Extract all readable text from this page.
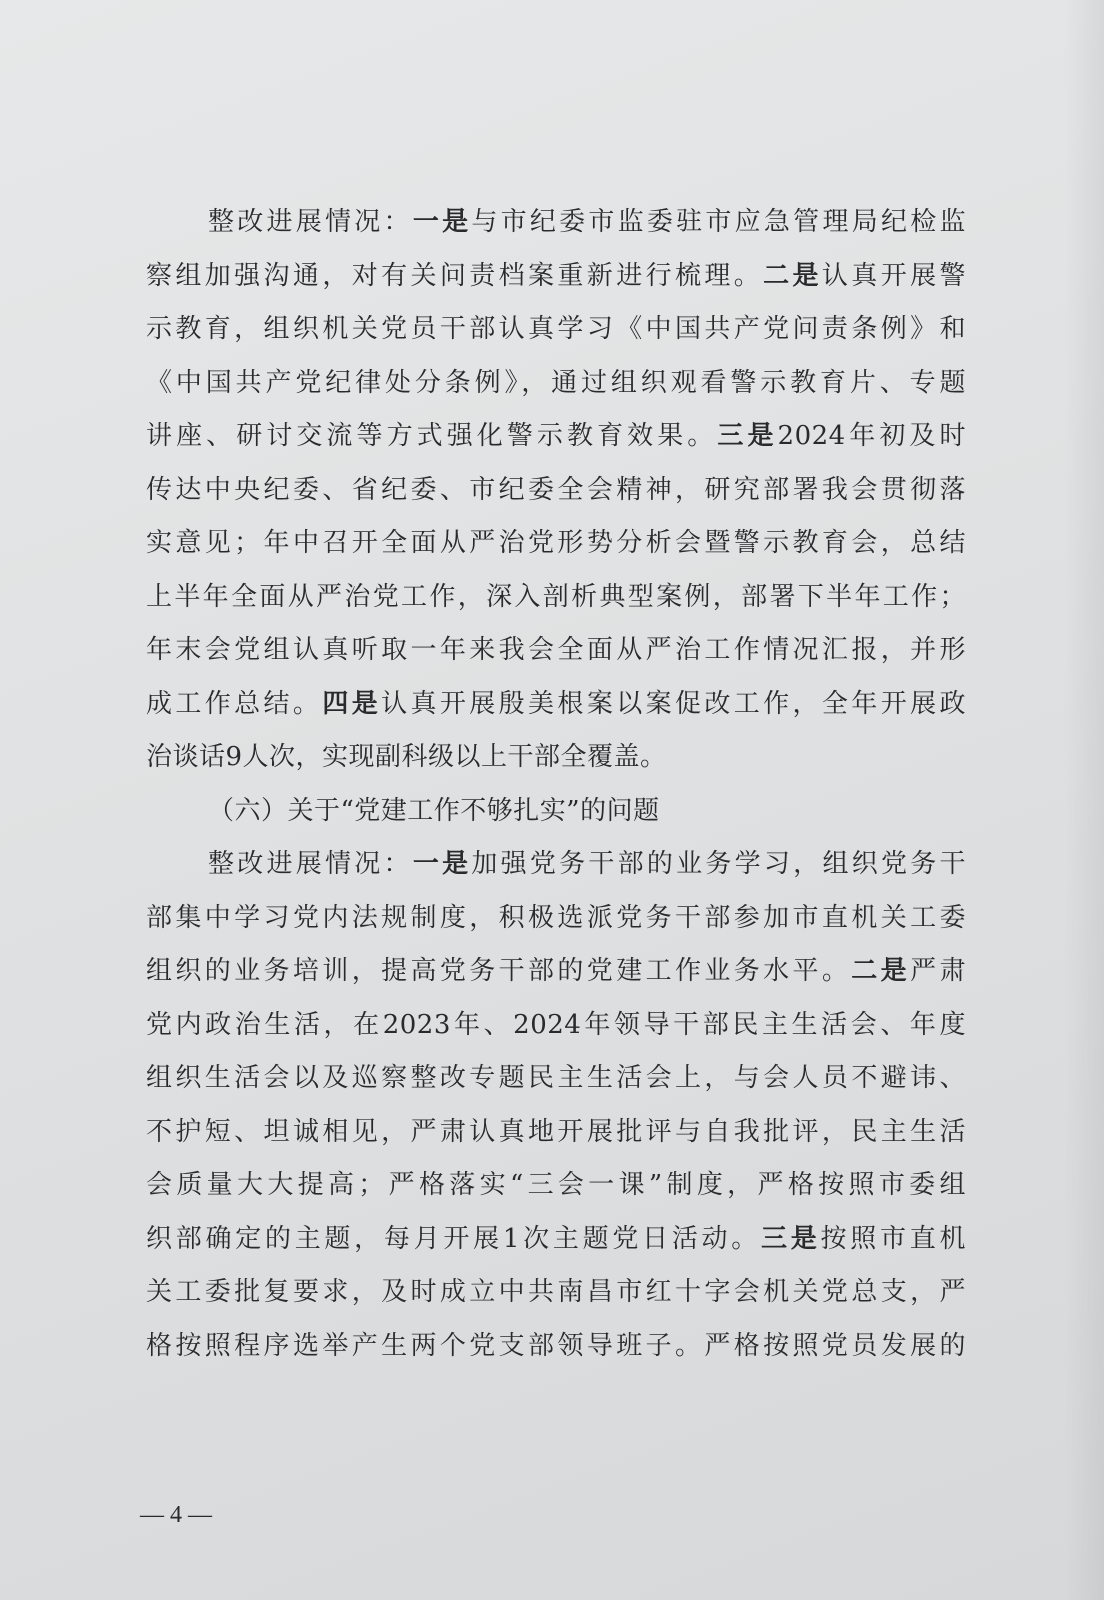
整改进展情况：一是与市纪委市监委驻市应急管理局纪检监
察组加强沟通，对有关问责档案重新进行梳理。二是认真开展警
示教育，组织机关党员干部认真学习《中国共产党问责条例》和
《中国共产党纪律处分条例》，通过组织观看警示教育片、专题
讲座、研讨交流等方式强化警示教育效果。三是2024年初及时
传达中央纪委、省纪委、市纪委全会精神，研究部署我会贯彻落
实意见；年中召开全面从严治党形势分析会暨警示教育会，总结
上半年全面从严治党工作，深入剖析典型案例，部署下半年工作；
年末会党组认真听取一年来我会全面从严治工作情况汇报，并形
成工作总结。四是认真开展殷美根案以案促改工作，全年开展政
治谈话9人次，实现副科级以上干部全覆盖。
（六）关于“党建工作不够扎实”的问题
整改进展情况：一是加强党务干部的业务学习，组织党务干
部集中学习党内法规制度，积极选派党务干部参加市直机关工委
组织的业务培训，提高党务干部的党建工作业务水平。二是严肃
党内政治生活，在2023年、2024年领导干部民主生活会、年度
组织生活会以及巡察整改专题民主生活会上，与会人员不避讳、
不护短、坦诚相见，严肃认真地开展批评与自我批评，民主生活
会质量大大提高；严格落实“三会一课”制度，严格按照市委组
织部确定的主题，每月开展1次主题党日活动。三是按照市直机
关工委批复要求，及时成立中共南昌市红十字会机关党总支，严
格按照程序选举产生两个党支部领导班子。严格按照党员发展的
— 4 —
